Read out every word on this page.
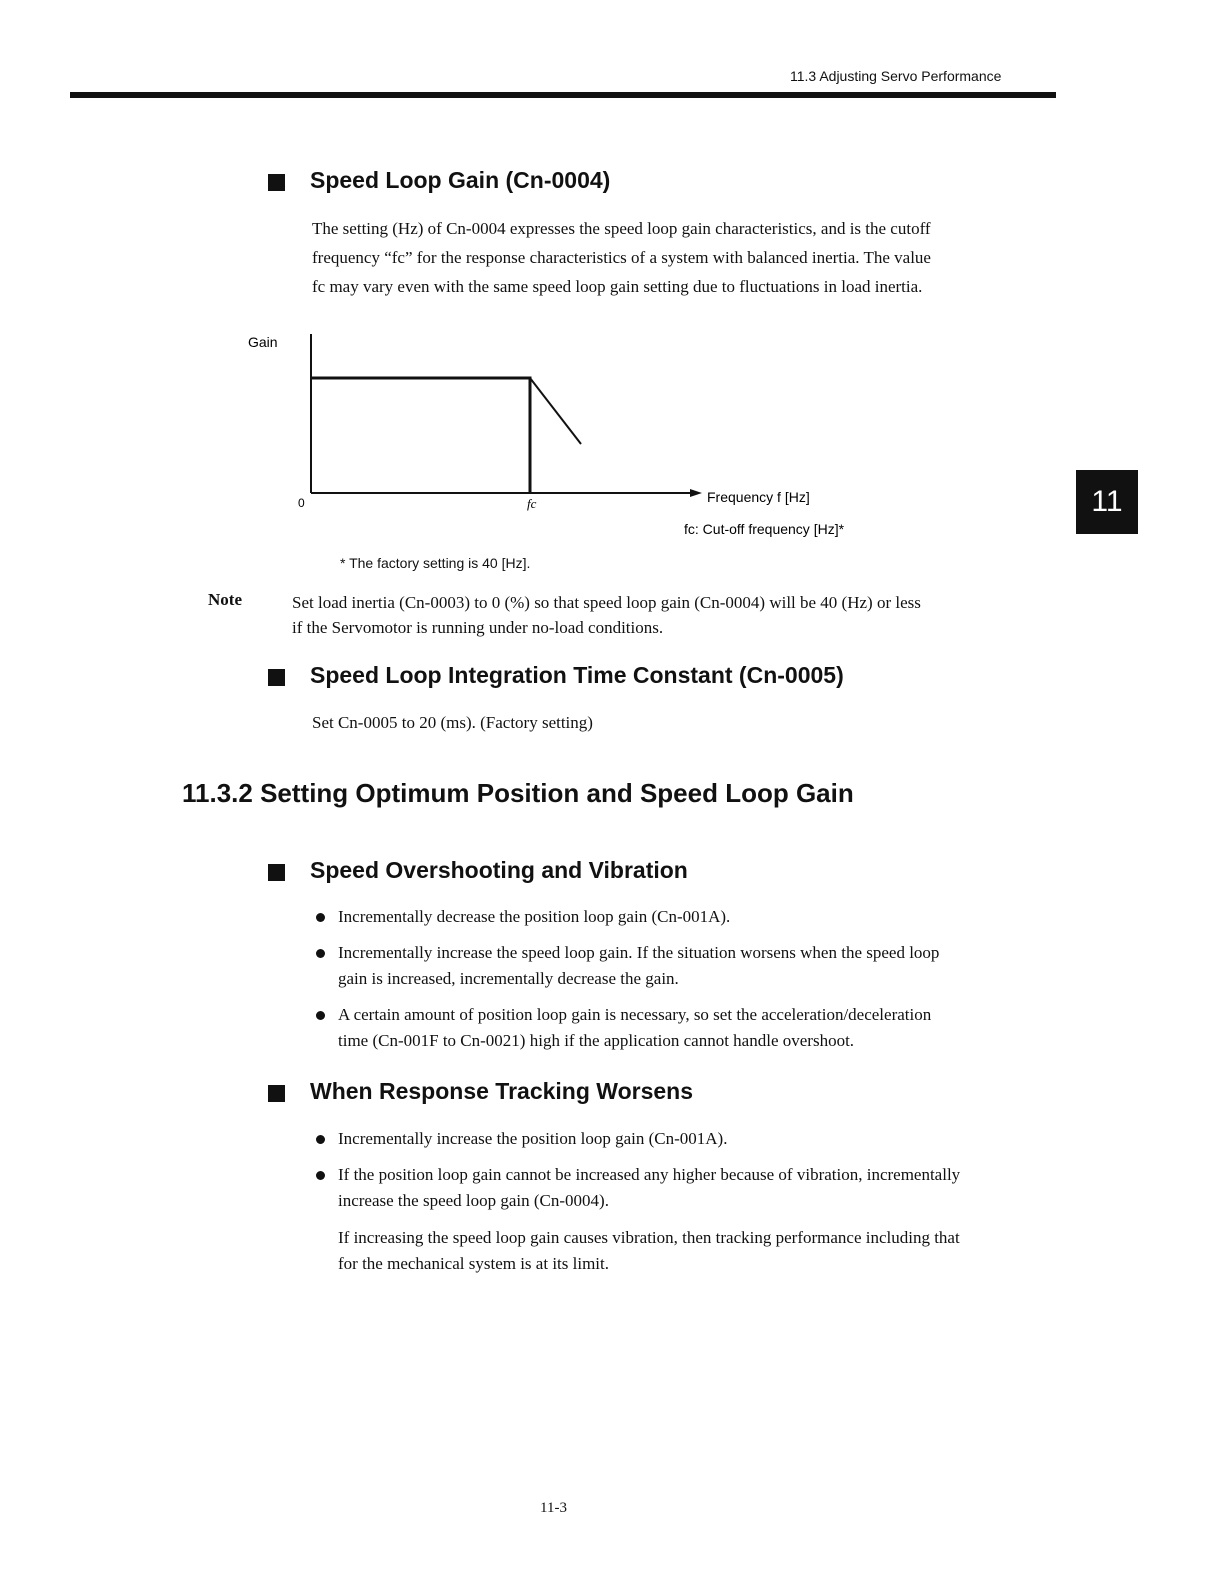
11.3 Adjusting Servo Performance
11
Speed Loop Gain (Cn-0004)

The setting (Hz) of Cn-0004 expresses the speed loop gain characteristics, and is the cutoff

frequency “fc” for the response characteristics of a system with balanced inertia. The value

fc may vary even with the same speed loop gain setting due to fluctuations in load inertia.

Gain
0	fc	Frequency f [Hz]
fc: Cut-off frequency [Hz]*
* The factory setting is 40 [Hz].
Note	Set load inertia (Cn-0003) to 0 (%) so that speed loop gain (Cn-0004) will be 40 (Hz) or less
if the Servomotor is running under no-load conditions.
Speed Loop Integration Time Constant (Cn-0005)
Set Cn-0005 to 20 (ms). (Factory setting)
11.3.2 Setting Optimum Position and Speed Loop Gain
Speed Overshooting and Vibration
Incrementally decrease the position loop gain (Cn-001A).
Incrementally increase the speed loop gain. If the situation worsens when the speed loop
gain is increased, incrementally decrease the gain.
A certain amount of position loop gain is necessary, so set the acceleration/deceleration
time (Cn-001F to Cn-0021) high if the application cannot handle overshoot.
When Response Tracking Worsens
Incrementally increase the position loop gain (Cn-001A).
If the position loop gain cannot be increased any higher because of vibration, incrementally
increase the speed loop gain (Cn-0004).

If increasing the speed loop gain causes vibration, then tracking performance including that

for the mechanical system is at its limit.

11-3
